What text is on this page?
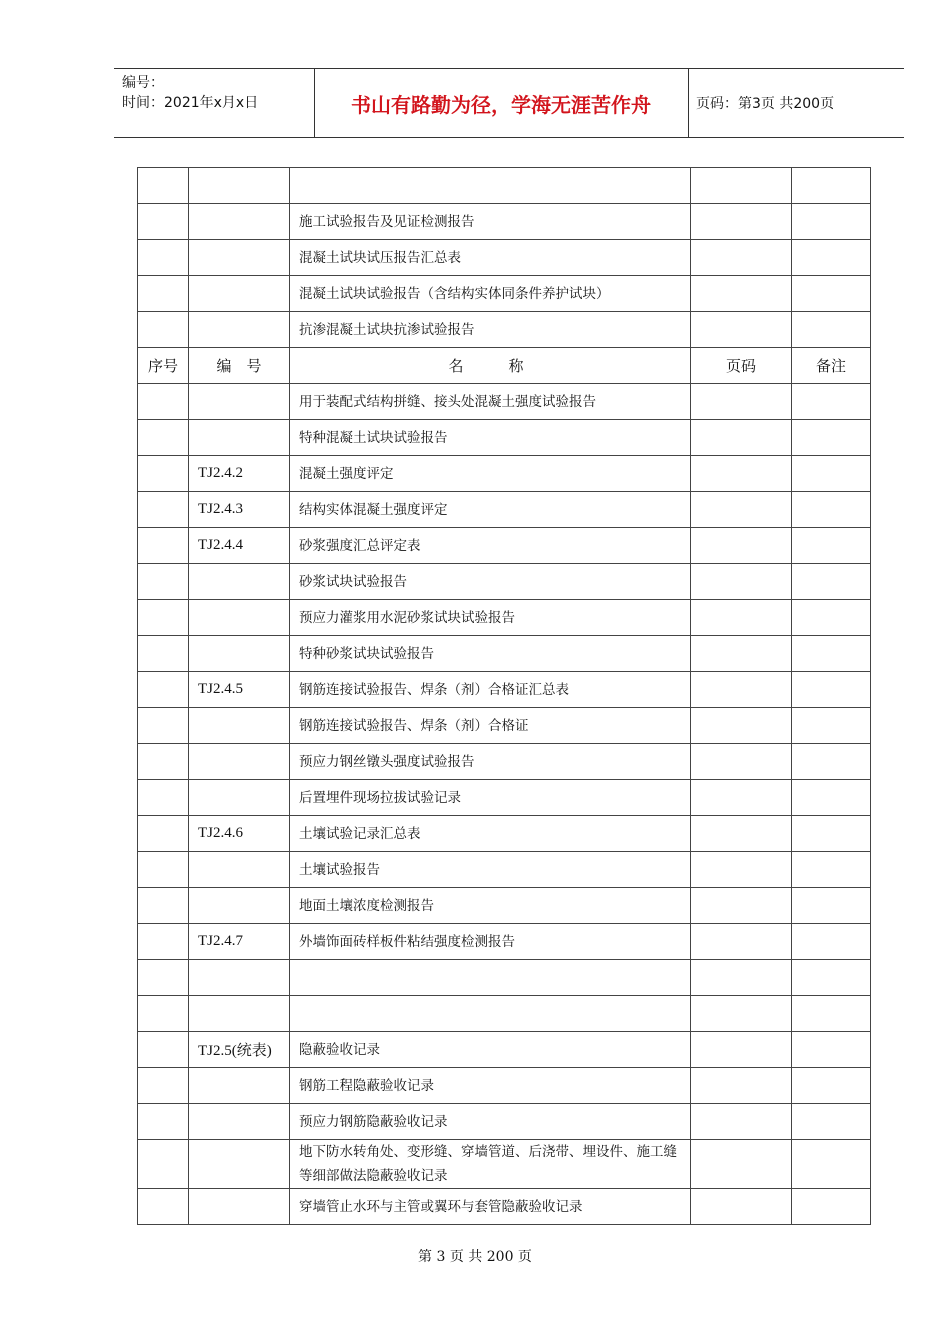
编号：
时间：2021年x月x日	书山有路勤为径，学海无涯苦作舟	页码：第3页 共200页

		施工试验报告及见证检测报告		
		混凝土试块试压报告汇总表		
		混凝土试块试验报告（含结构实体同条件养护试块）		
		抗渗混凝土试块抗渗试验报告		
序号	编　号	名　　　称	页码	备注
		用于装配式结构拼缝、接头处混凝土强度试验报告		
		特种混凝土试块试验报告		
	TJ2.4.2	混凝土强度评定		
	TJ2.4.3	结构实体混凝土强度评定		
	TJ2.4.4	砂浆强度汇总评定表		
		砂浆试块试验报告		
		预应力灌浆用水泥砂浆试块试验报告		
		特种砂浆试块试验报告		
	TJ2.4.5	钢筋连接试验报告、焊条（剂）合格证汇总表		
		钢筋连接试验报告、焊条（剂）合格证		
		预应力钢丝镦头强度试验报告		
		后置埋件现场拉拔试验记录		
	TJ2.4.6	土壤试验记录汇总表		
		土壤试验报告		
		地面土壤浓度检测报告		
	TJ2.4.7	外墙饰面砖样板件粘结强度检测报告		

	TJ2.5(统表)	隐蔽验收记录		
		钢筋工程隐蔽验收记录		
		预应力钢筋隐蔽验收记录		
		地下防水转角处、变形缝、穿墙管道、后浇带、埋设件、施工缝等细部做法隐蔽验收记录		
		穿墙管止水环与主管或翼环与套管隐蔽验收记录		
第 3 页 共 200 页
